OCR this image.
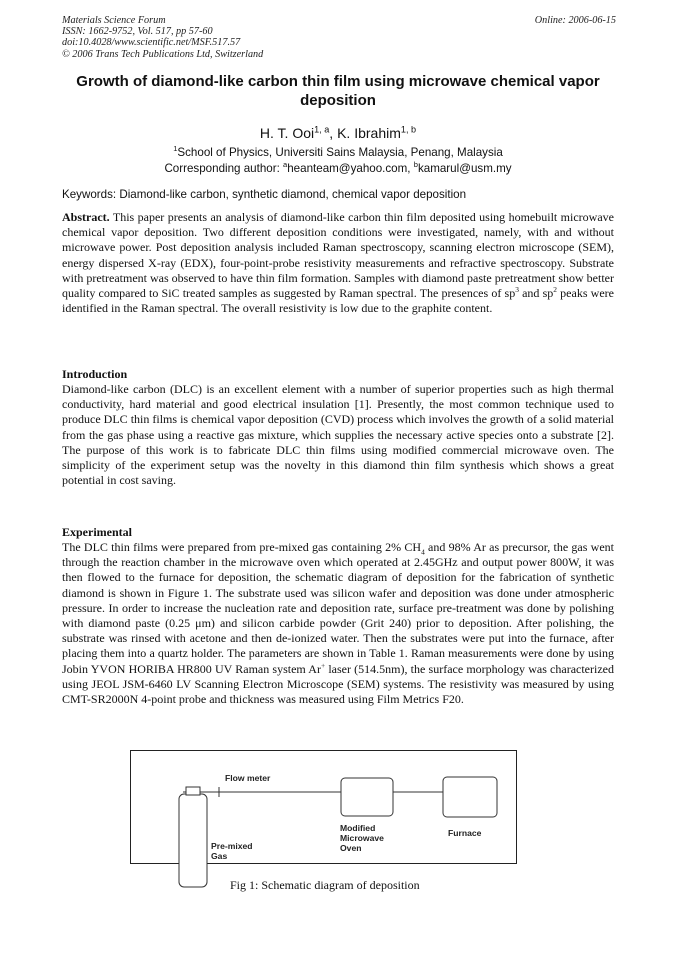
Materials Science Forum
ISSN: 1662-9752, Vol. 517, pp 57-60
doi:10.4028/www.scientific.net/MSF.517.57
© 2006 Trans Tech Publications Ltd, Switzerland
Online: 2006-06-15
Growth of diamond-like carbon thin film using microwave chemical vapor deposition
H. T. Ooi$^{1, a}$, K. Ibrahim$^{1, b}$
$^1$School of Physics, Universiti Sains Malaysia, Penang, Malaysia
Corresponding author: $^a$heanteam@yahoo.com, $^b$kamarul@usm.my
Keywords: Diamond-like carbon, synthetic diamond, chemical vapor deposition

Abstract. This paper presents an analysis of diamond-like carbon thin film deposited using homebuilt microwave chemical vapor deposition. Two different deposition conditions were investigated, namely, with and without microwave power. Post deposition analysis included Raman spectroscopy, scanning electron microscope (SEM), energy dispersed X-ray (EDX), four-point-probe resistivity measurements and refractive spectroscopy. Substrate with pretreatment was observed to have thin film formation. Samples with diamond paste pretreatment show better quality compared to SiC treated samples as suggested by Raman spectral. The presences of $sp^3$ and $sp^2$ peaks were identified in the Raman spectral. The overall resistivity is low due to the graphite content.

Introduction

Diamond-like carbon (DLC) is an excellent element with a number of superior properties such as high thermal conductivity, hard material and good electrical insulation [1]. Presently, the most common technique used to produce DLC thin films is chemical vapor deposition (CVD) process which involves the growth of a solid material from the gas phase using a reactive gas mixture, which supplies the necessary active species onto a substrate [2]. The purpose of this work is to fabricate DLC thin films using modified commercial microwave oven. The simplicity of the experiment setup was the novelty in this diamond thin film synthesis which shows a great potential in cost saving.

Experimental

The DLC thin films were prepared from pre-mixed gas containing 2% $CH_4$ and 98% Ar as precursor, the gas went through the reaction chamber in the microwave oven which operated at 2.45GHz and output power 800W, it was then flowed to the furnace for deposition, the schematic diagram of deposition for the fabrication of synthetic diamond is shown in Figure 1. The substrate used was silicon wafer and deposition was done under atmospheric pressure. In order to increase the nucleation rate and deposition rate, surface pre-treatment was done by polishing with diamond paste (0.25 μm) and silicon carbide powder (Grit 240) prior to deposition. After polishing, the substrate was rinsed with acetone and then de-ionized water. Then the substrates were put into the furnace, after placing them into a quartz holder. The parameters are shown in Table 1. Raman measurements were done by using Jobin YVON HORIBA HR800 UV Raman system Ar+ laser (514.5nm), the surface morphology was characterized using JEOL JSM-6460 LV Scanning Electron Microscope (SEM) systems. The resistivity was measured by using CMT-SR2000N 4-point probe and thickness was measured using Film Metrics F20.

Flow meter
Pre-mixed
Gas
Modified
Microwave
Oven
Furnace
Fig 1: Schematic diagram of deposition
